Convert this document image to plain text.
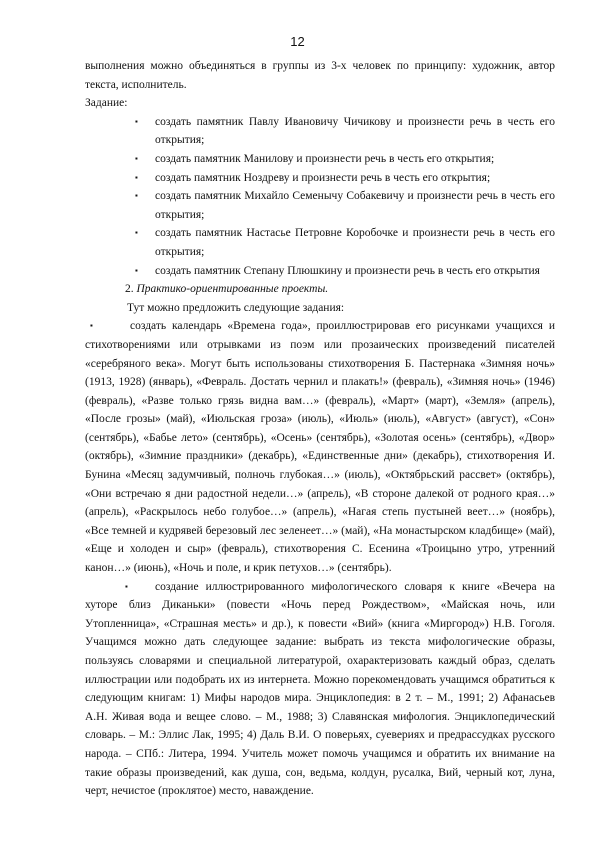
12

выполнения можно объединяться в группы из 3-х человек по принципу: художник, автор текста, исполнитель.

Задание:

▪ создать памятник Павлу Ивановичу Чичикову и произнести речь в честь его открытия;
▪ создать памятник Манилову и произнести речь в честь его открытия;
▪ создать памятник Ноздреву и произнести речь в честь его открытия;
▪ создать памятник Михайло Семенычу Собакевичу и произнести речь в честь его открытия;
▪ создать памятник Настасье Петровне Коробочке и произнести речь в честь его открытия;
▪ создать памятник Степану Плюшкину и произнести речь в честь его открытия

2. Практико-ориентированные проекты.

Тут можно предложить следующие задания:

▪	создать календарь «Времена года», проиллюстрировав его рисунками учащихся и стихотворениями или отрывками из поэм или прозаических произведений писателей «серебряного века». Могут быть использованы стихотворения Б. Пастернака «Зимняя ночь» (1913, 1928) (январь), «Февраль. Достать чернил и плакать!» (февраль), «Зимняя ночь» (1946) (февраль), «Разве только грязь видна вам…» (февраль), «Март» (март), «Земля» (апрель), «После грозы» (май), «Июльская гроза» (июль), «Июль» (июль), «Август» (август), «Сон» (сентябрь), «Бабье лето» (сентябрь), «Осень» (сентябрь), «Золотая осень» (сентябрь), «Двор» (октябрь), «Зимние праздники» (декабрь), «Единственные дни» (декабрь), стихотворения И. Бунина «Месяц задумчивый, полночь глубокая…» (июль), «Октябрьский рассвет» (октябрь), «Они встречаю я дни радостной недели…» (апрель), «В стороне далекой от родного края…» (апрель), «Раскрылось небо голубое…» (апрель), «Нагая степь пустыней веет…» (ноябрь), «Все темней и кудрявей березовый лес зеленеет…» (май), «На монастырском кладбище» (май), «Еще и холоден и сыр» (февраль), стихотворения С. Есенина «Троицыно утро, утренний канон…» (июнь), «Ночь и поле, и крик петухов…» (сентябрь).

▪ создание иллюстрированного мифологического словаря к книге «Вечера на хуторе близ Диканьки» (повести «Ночь перед Рождеством», «Майская ночь, или Утопленница», «Страшная месть» и др.), к повести «Вий» (книга «Миргород») Н.В. Гоголя. Учащимся можно дать следующее задание: выбрать из текста мифологические образы, пользуясь словарями и специальной литературой, охарактеризовать каждый образ, сделать иллюстрации или подобрать их из интернета. Можно порекомендовать учащимся обратиться к следующим книгам: 1) Мифы народов мира. Энциклопедия: в 2 т. – М., 1991; 2) Афанасьев А.Н. Живая вода и вещее слово. – М., 1988; 3) Славянская мифология. Энциклопедический словарь. – М.: Эллис Лак, 1995; 4) Даль В.И. О поверьях, суевериях и предрассудках русского народа. – СПб.: Литера, 1994. Учитель может помочь учащимся и обратить их внимание на такие образы произведений, как душа, сон, ведьма, колдун, русалка, Вий, черный кот, луна, черт, нечистое (проклятое) место, наваждение.
